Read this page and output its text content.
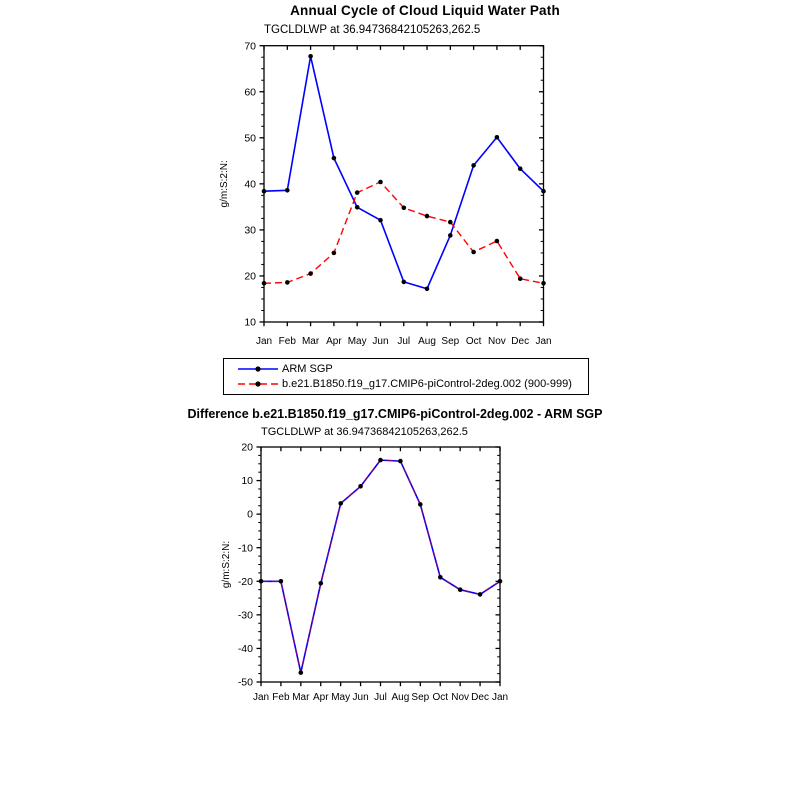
Annual Cycle of Cloud Liquid Water Path
TGCLDLWP at 36.94736842105263,262.5
10
20
30
40
50
60
70
Jan Feb Mar Apr May Jun Jul Aug Sep Oct Nov Dec Jan
g/m:S:2:N:
ARM SGP
b.e21.B1850.f19_g17.CMIP6-piControl-2deg.002 (900-999)
Difference b.e21.B1850.f19_g17.CMIP6-piControl-2deg.002 - ARM SGP
TGCLDLWP at 36.94736842105263,262.5
-50
-40
-30
-20
-10
0
10
20
Jan Feb Mar Apr May Jun Jul Aug Sep Oct Nov Dec Jan
g/m:S:2:N:
